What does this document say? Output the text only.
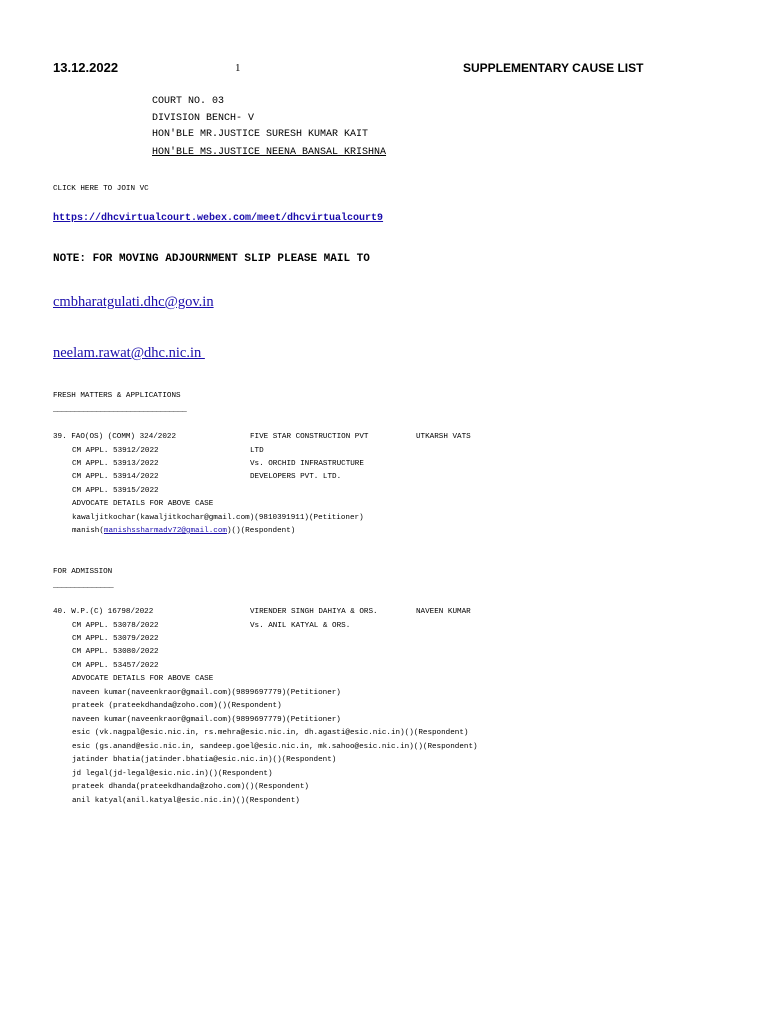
13.12.2022	1	SUPPLEMENTARY CAUSE LIST
COURT NO. 03
DIVISION BENCH- V
HON'BLE MR.JUSTICE SURESH KUMAR KAIT
HON'BLE MS.JUSTICE NEENA BANSAL KRISHNA
CLICK HERE TO JOIN VC
https://dhcvirtualcourt.webex.com/meet/dhcvirtualcourt9
NOTE: FOR MOVING ADJOURNMENT SLIP PLEASE MAIL TO
cmbharatgulati.dhc@gov.in
neelam.rawat@dhc.nic.in
FRESH MATTERS & APPLICATIONS
_______________________________
39. FAO(OS) (COMM) 324/2022	FIVE STAR CONSTRUCTION PVT	UTKARSH VATS
CM APPL. 53912/2022	LTD
CM APPL. 53913/2022	Vs. ORCHID INFRASTRUCTURE
CM APPL. 53914/2022	DEVELOPERS PVT. LTD.
CM APPL. 53915/2022
ADVOCATE DETAILS FOR ABOVE CASE
kawaljitkochar(kawaljitkochar@gmail.com)(9810391911)(Petitioner)
manish(manishssharmadv72@gmail.com)()(Respondent)
FOR ADMISSION
______________
40. W.P.(C) 16798/2022	VIRENDER SINGH DAHIYA & ORS.	NAVEEN KUMAR
CM APPL. 53078/2022	Vs. ANIL KATYAL & ORS.
CM APPL. 53079/2022
CM APPL. 53080/2022
CM APPL. 53457/2022
ADVOCATE DETAILS FOR ABOVE CASE
naveen kumar(naveenkraor@gmail.com)(9899697779)(Petitioner)
prateek (prateekdhanda@zoho.com)()(Respondent)
naveen kumar(naveenkraor@gmail.com)(9899697779)(Petitioner)
esic (vk.nagpal@esic.nic.in, rs.mehra@esic.nic.in, dh.agasti@esic.nic.in)()(Respondent)
esic (gs.anand@esic.nic.in, sandeep.goel@esic.nic.in, mk.sahoo@esic.nic.in)()(Respondent)
jatinder bhatia(jatinder.bhatia@esic.nic.in)()(Respondent)
jd legal(jd-legal@esic.nic.in)()(Respondent)
prateek dhanda(prateekdhanda@zoho.com)()(Respondent)
anil katyal(anil.katyal@esic.nic.in)()(Respondent)
